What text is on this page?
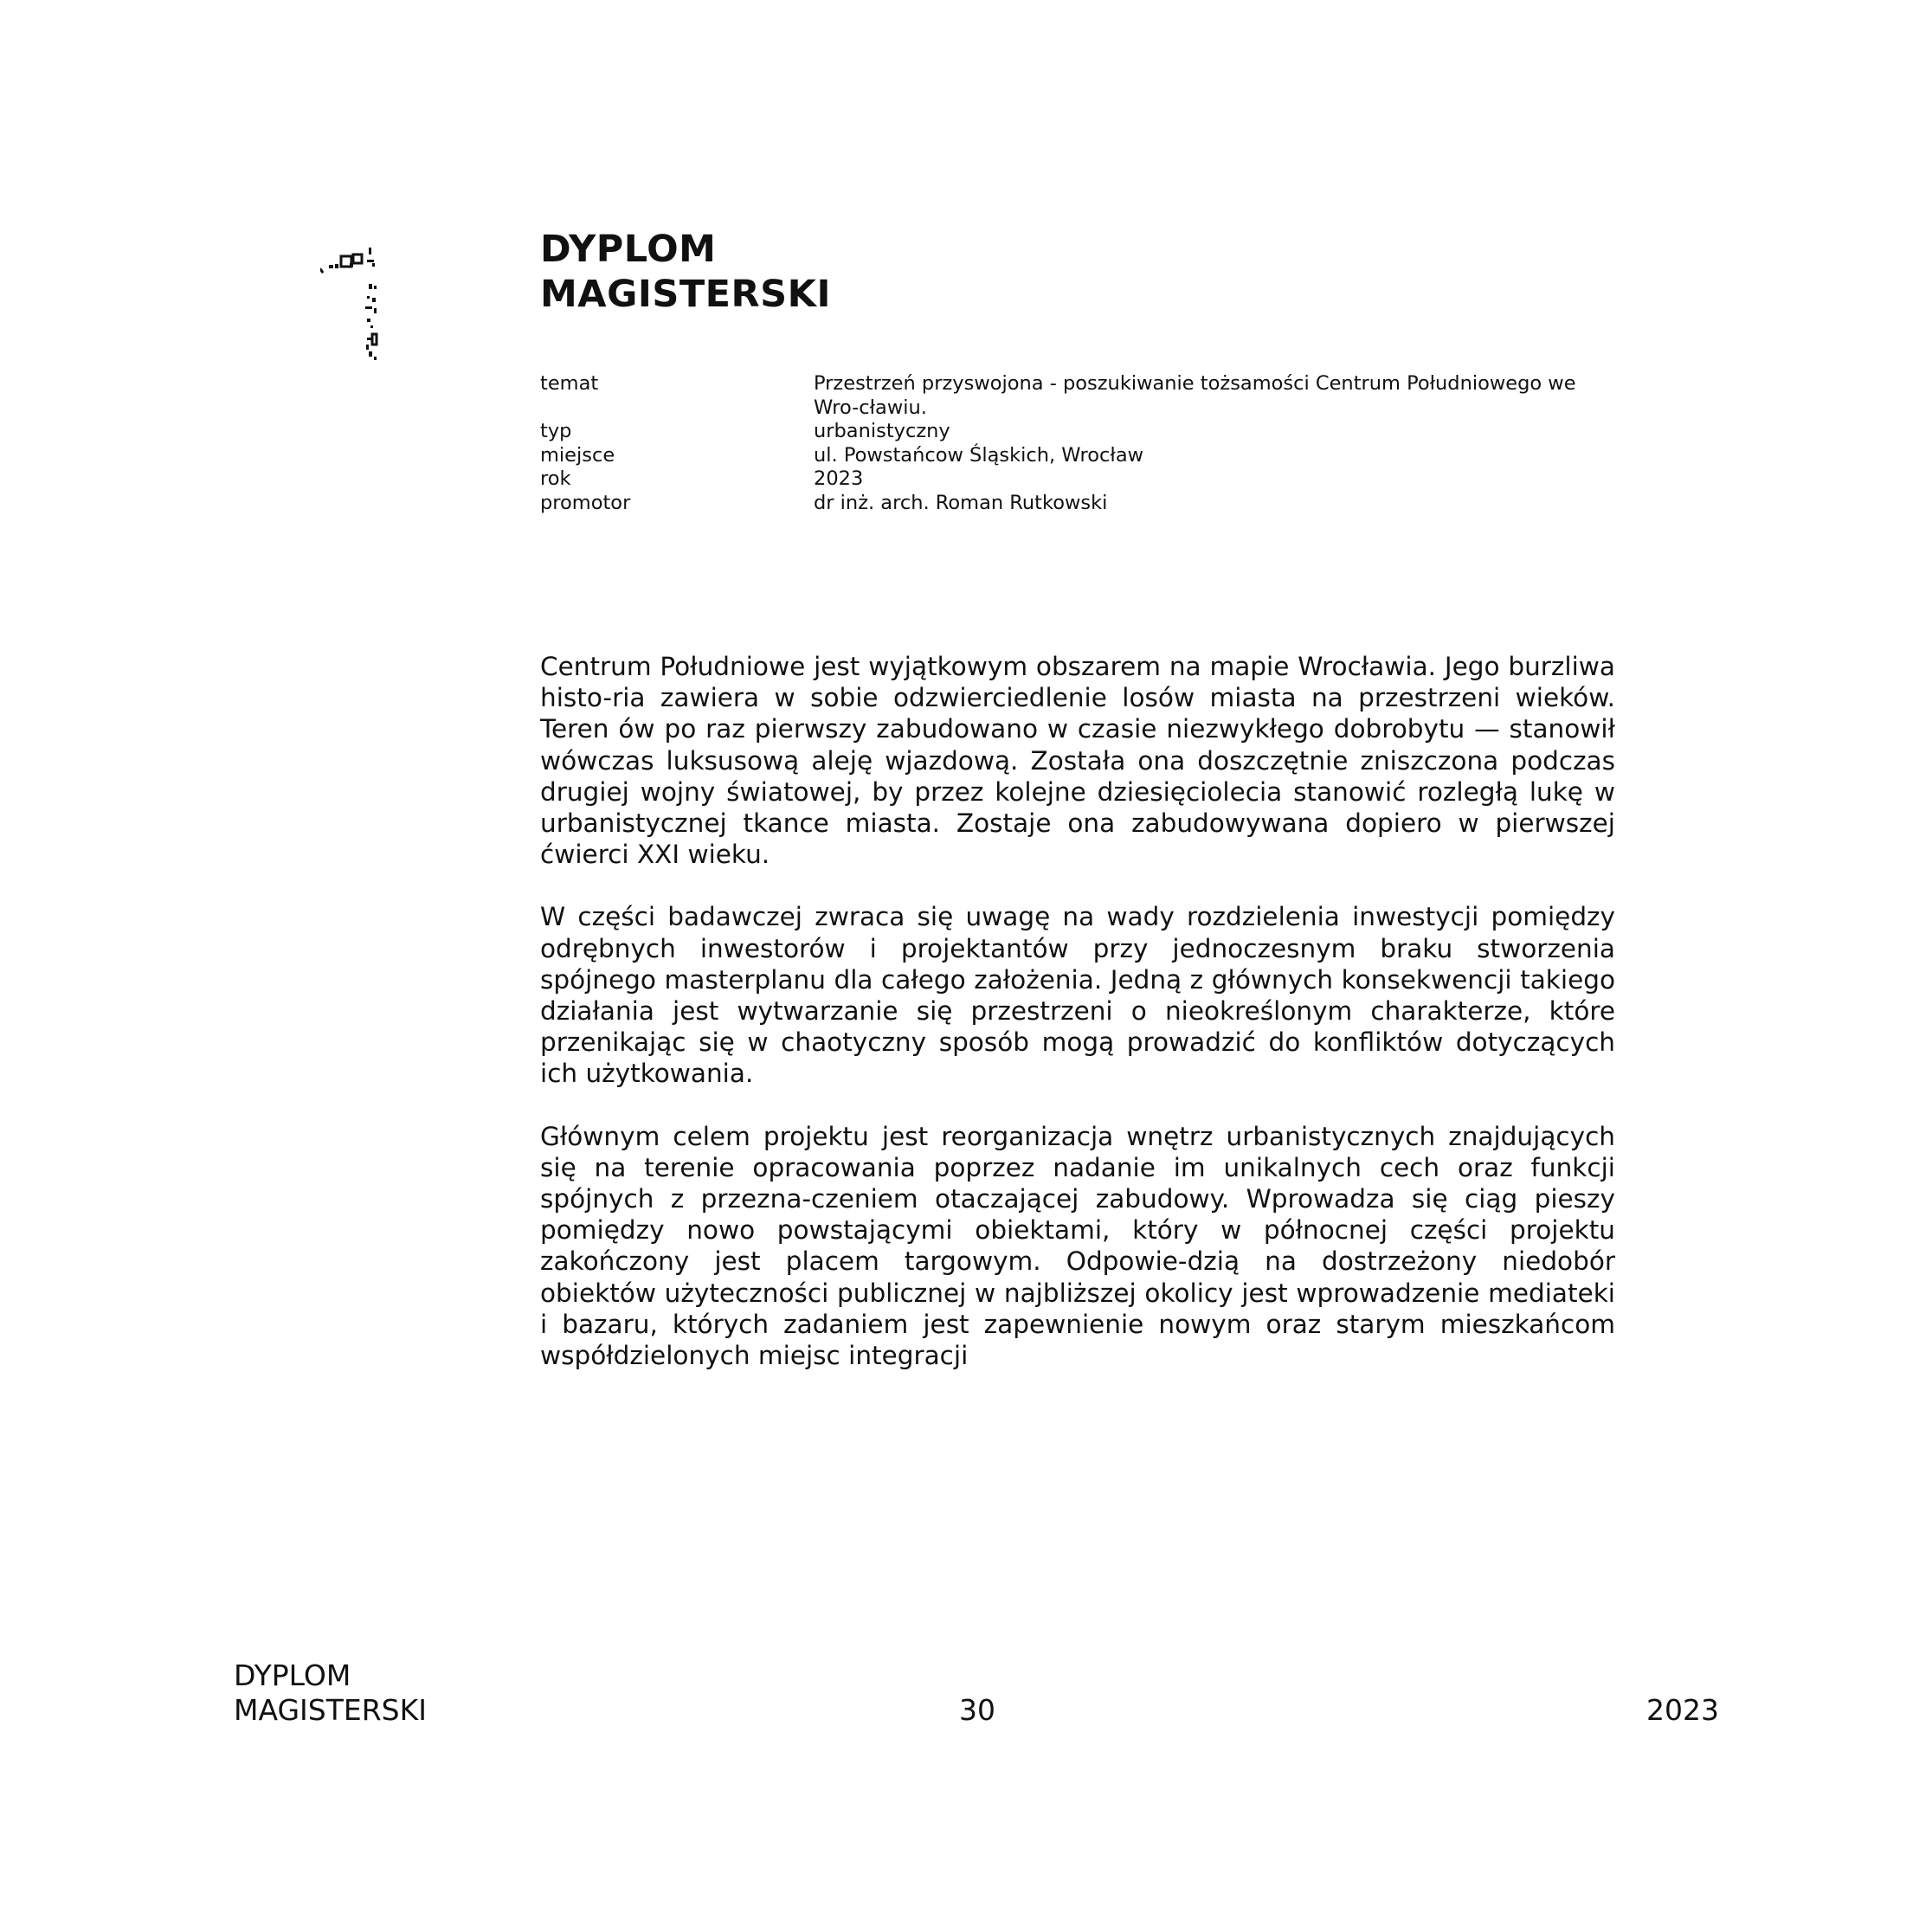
DYPLOM
MAGISTERSKI
temat	Przestrzeń przyswojona - poszukiwanie tożsamości Centrum Południowego we Wro-cławiu.
typ	urbanistyczny
miejsce	ul. Powstańcow Śląskich, Wrocław
rok	2023
promotor	dr inż. arch. Roman Rutkowski

Centrum Południowe jest wyjątkowym obszarem na mapie Wrocławia. Jego burzliwa histo-ria zawiera w sobie odzwierciedlenie losów miasta na przestrzeni wieków. Teren ów po raz pierwszy zabudowano w czasie niezwykłego dobrobytu — stanowił wówczas luksusową aleję wjazdową. Została ona doszczętnie zniszczona podczas drugiej wojny światowej, by przez kolejne dziesięciolecia stanowić rozległą lukę w urbanistycznej tkance miasta. Zostaje ona zabudowywana dopiero w pierwszej ćwierci XXI wieku.

W części badawczej zwraca się uwagę na wady rozdzielenia inwestycji pomiędzy odrębnych inwestorów i projektantów przy jednoczesnym braku stworzenia spójnego masterplanu dla całego założenia. Jedną z głównych konsekwencji takiego działania jest wytwarzanie się przestrzeni o nieokreślonym charakterze, które przenikając się w chaotyczny sposób mogą prowadzić do konfliktów dotyczących ich użytkowania.

Głównym celem projektu jest reorganizacja wnętrz urbanistycznych znajdujących się na terenie opracowania poprzez nadanie im unikalnych cech oraz funkcji spójnych z przezna-czeniem otaczającej zabudowy. Wprowadza się ciąg pieszy pomiędzy nowo powstającymi obiektami, który w północnej części projektu zakończony jest placem targowym. Odpowie-dzią na dostrzeżony niedobór obiektów użyteczności publicznej w najbliższej okolicy jest wprowadzenie mediateki i bazaru, których zadaniem jest zapewnienie nowym oraz starym mieszkańcom współdzielonych miejsc integracji

DYPLOM
MAGISTERSKI	30	2023
